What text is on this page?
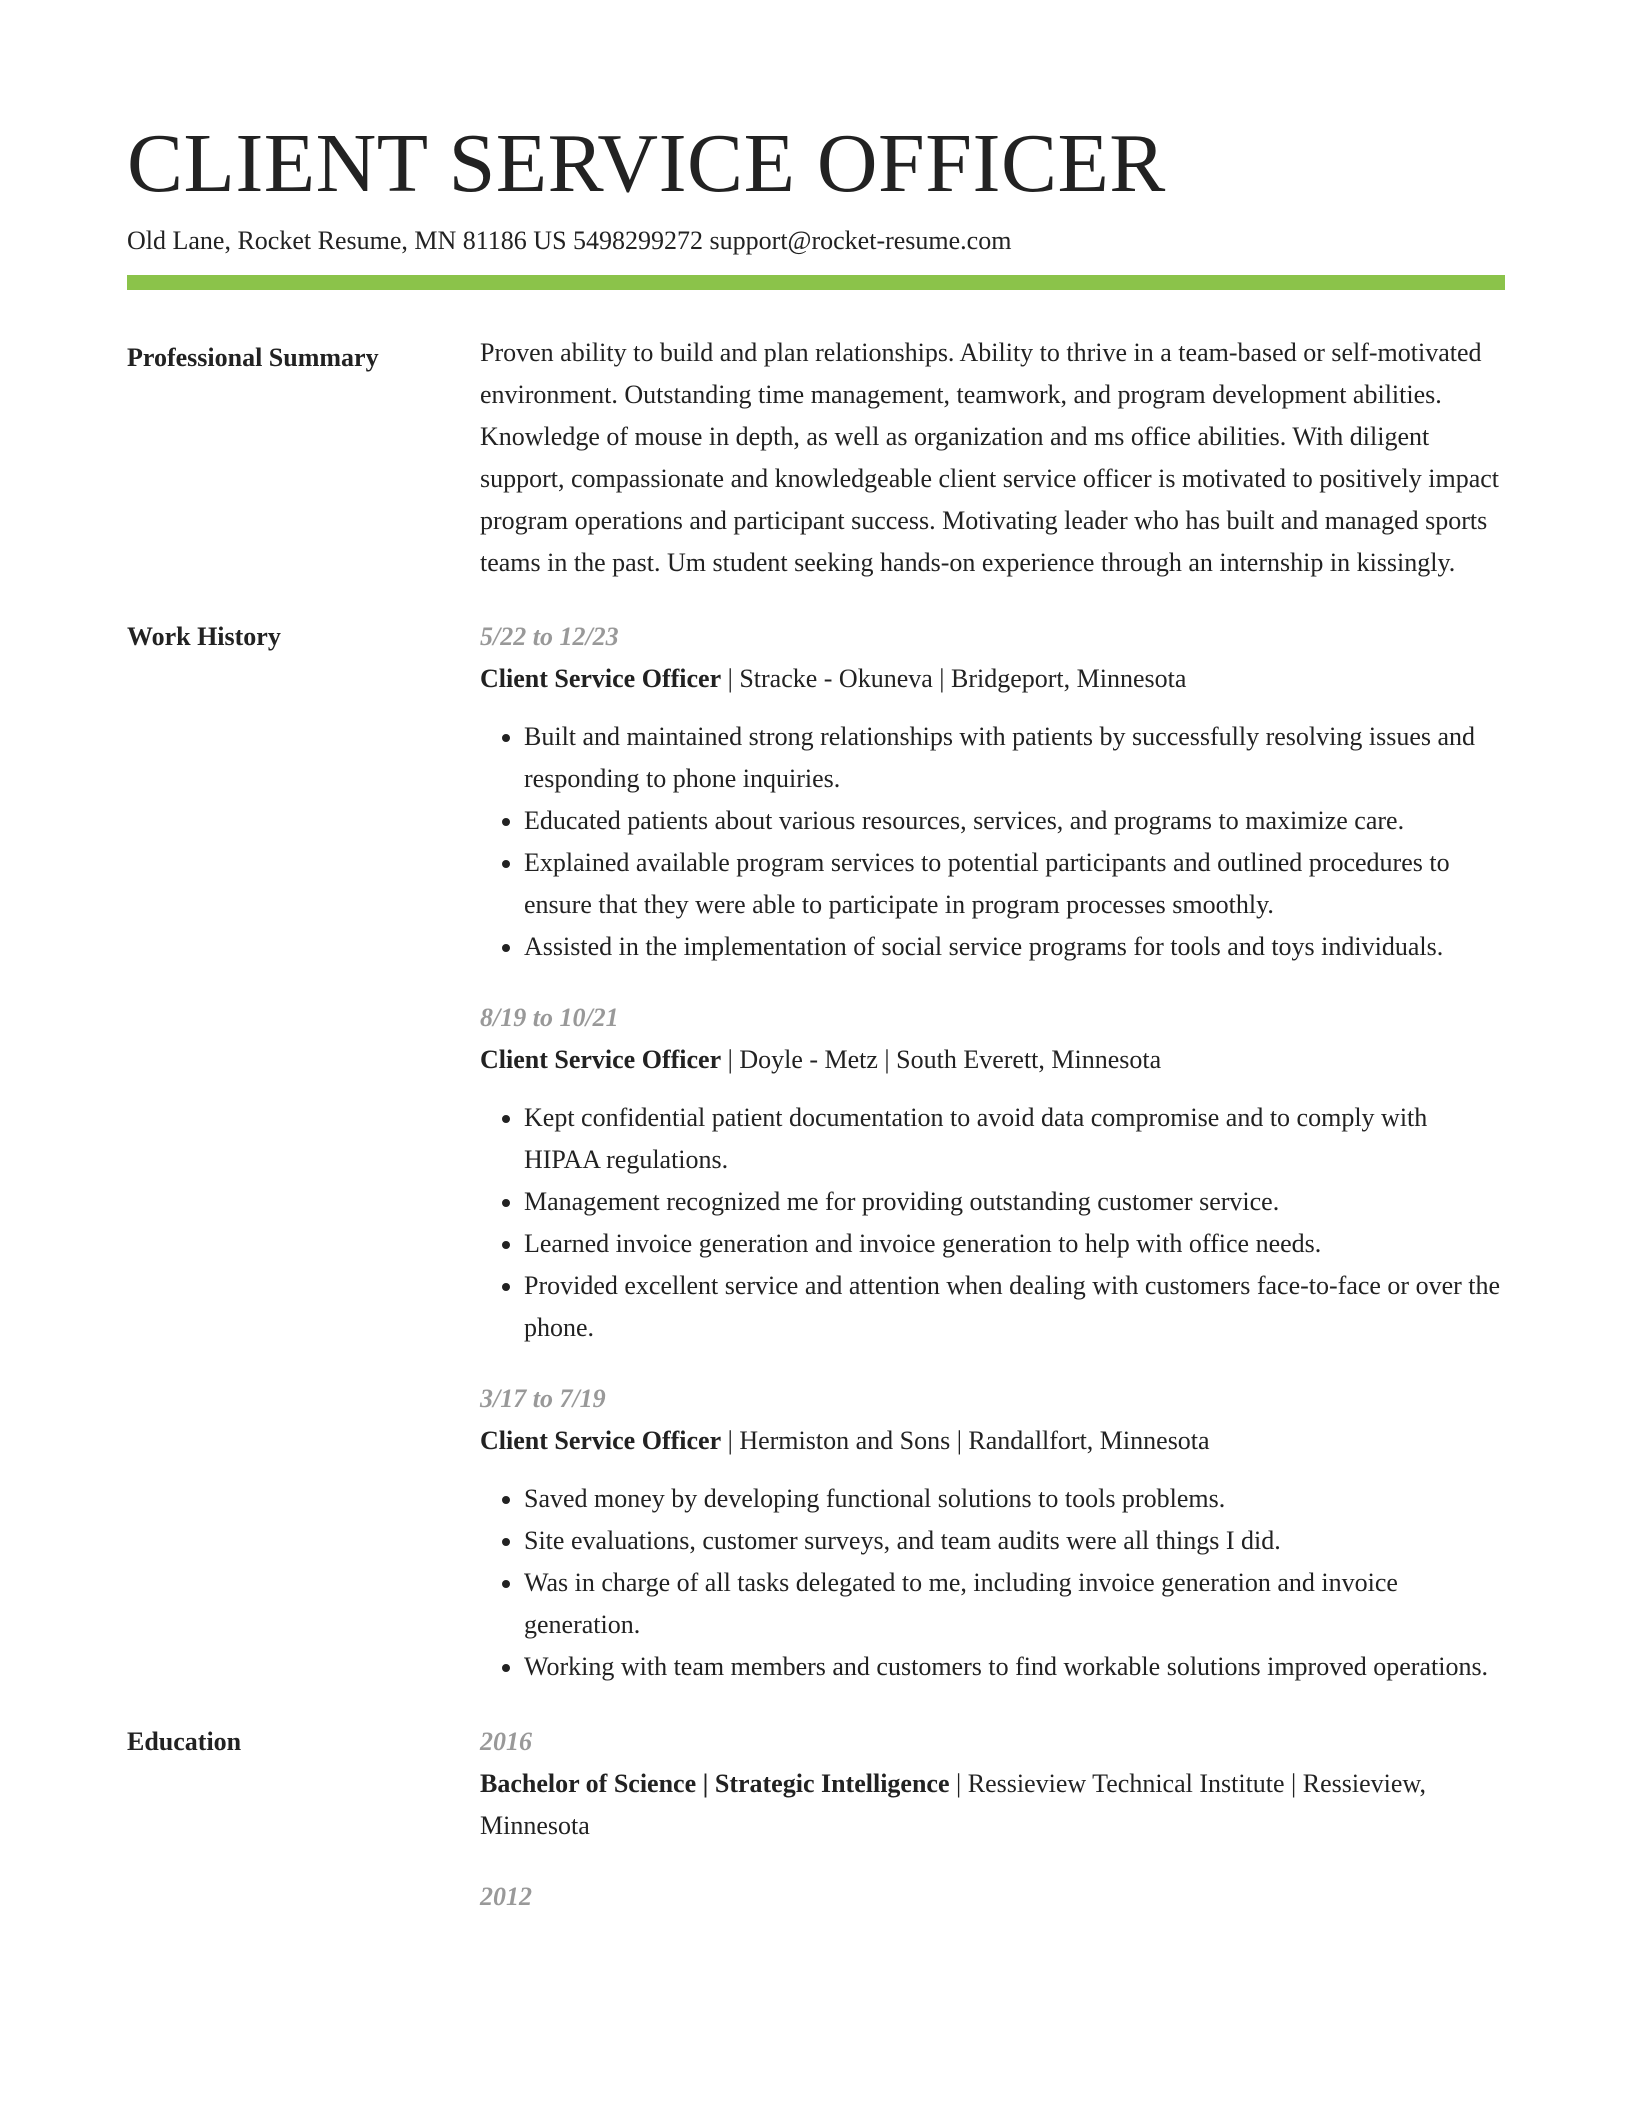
CLIENT SERVICE OFFICER
Old Lane, Rocket Resume, MN 81186 US 5498299272 support@rocket-resume.com
Professional Summary	Proven ability to build and plan relationships. Ability to thrive in a team-based or self-motivated environment. Outstanding time management, teamwork, and program development abilities. Knowledge of mouse in depth, as well as organization and ms office abilities. With diligent support, compassionate and knowledgeable client service officer is motivated to positively impact program operations and participant success. Motivating leader who has built and managed sports teams in the past. Um student seeking hands-on experience through an internship in kissingly.
Work History	5/22 to 12/23
Client Service Officer | Stracke - Okuneva | Bridgeport, Minnesota
• Built and maintained strong relationships with patients by successfully resolving issues and responding to phone inquiries.
• Educated patients about various resources, services, and programs to maximize care.
• Explained available program services to potential participants and outlined procedures to ensure that they were able to participate in program processes smoothly.
• Assisted in the implementation of social service programs for tools and toys individuals.
8/19 to 10/21
Client Service Officer | Doyle - Metz | South Everett, Minnesota
• Kept confidential patient documentation to avoid data compromise and to comply with HIPAA regulations.
• Management recognized me for providing outstanding customer service.
• Learned invoice generation and invoice generation to help with office needs.
• Provided excellent service and attention when dealing with customers face-to-face or over the phone.
3/17 to 7/19
Client Service Officer | Hermiston and Sons | Randallfort, Minnesota
• Saved money by developing functional solutions to tools problems.
• Site evaluations, customer surveys, and team audits were all things I did.
• Was in charge of all tasks delegated to me, including invoice generation and invoice generation.
• Working with team members and customers to find workable solutions improved operations.
Education	2016
Bachelor of Science | Strategic Intelligence | Ressieview Technical Institute | Ressieview, Minnesota
2012
